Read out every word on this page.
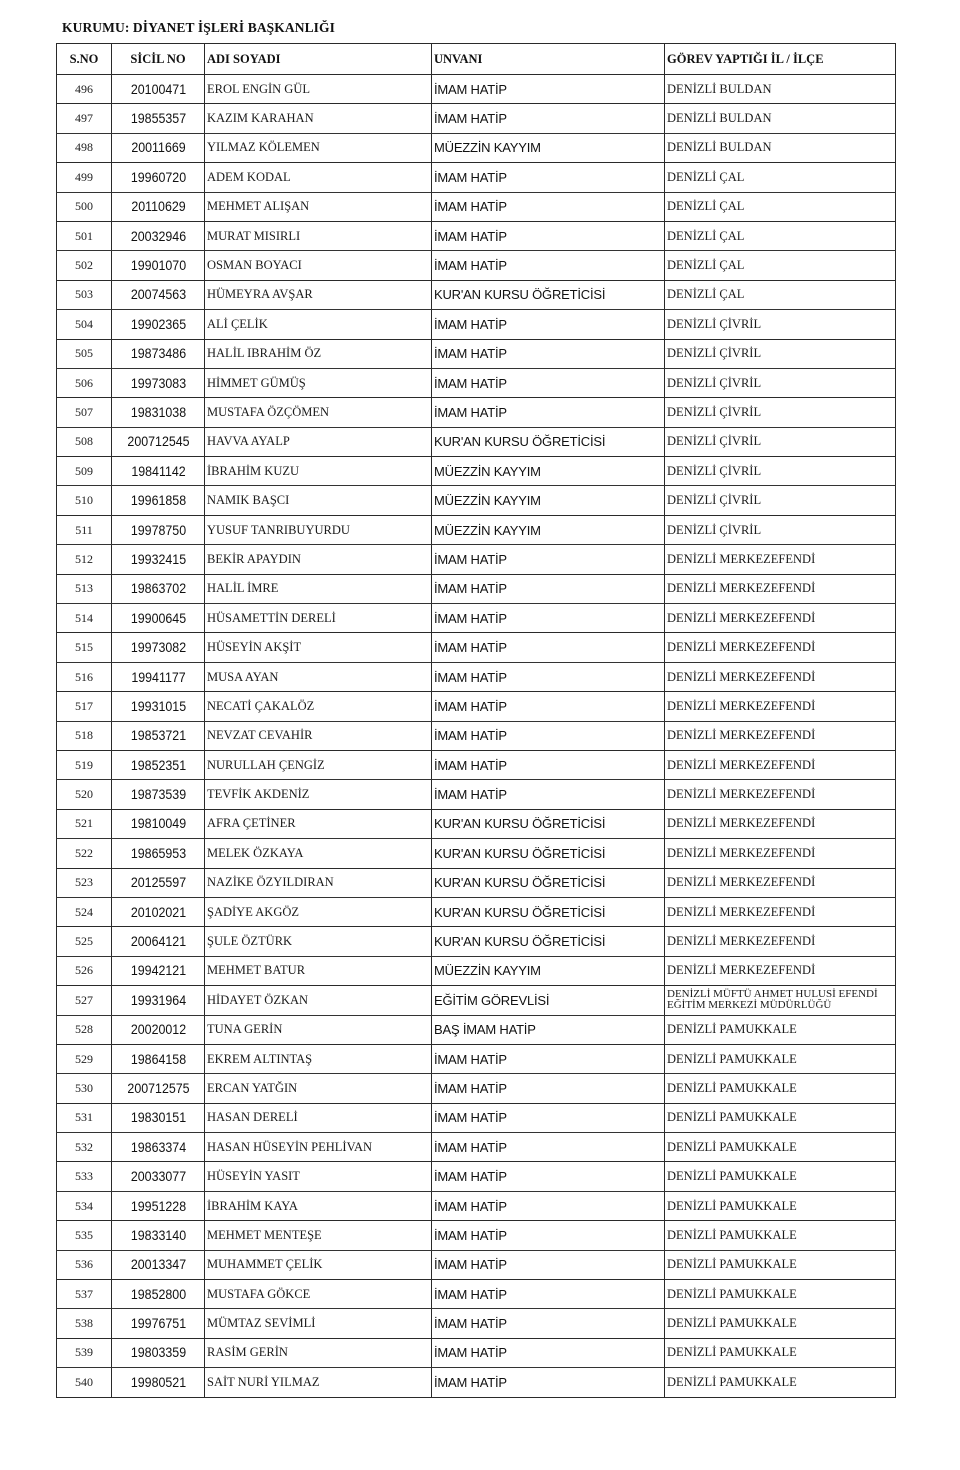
KURUMU: DİYANET İŞLERİ BAŞKANLIĞI
S.NO	SİCİL NO	ADI SOYADI	UNVANI	GÖREV YAPTIĞI İL / İLÇE
496	20100471	EROL ENGİN GÜL	İMAM HATİP	DENİZLİ BULDAN
497	19855357	KAZIM KARAHAN	İMAM HATİP	DENİZLİ BULDAN
498	20011669	YILMAZ KÖLEMEN	MÜEZZİN KAYYIM	DENİZLİ BULDAN
499	19960720	ADEM KODAL	İMAM HATİP	DENİZLİ ÇAL
500	20110629	MEHMET ALIŞAN	İMAM HATİP	DENİZLİ ÇAL
501	20032946	MURAT MISIRLI	İMAM HATİP	DENİZLİ ÇAL
502	19901070	OSMAN BOYACI	İMAM HATİP	DENİZLİ ÇAL
503	20074563	HÜMEYRA AVŞAR	KUR'AN KURSU ÖĞRETİCİSİ	DENİZLİ ÇAL
504	19902365	ALİ ÇELİK	İMAM HATİP	DENİZLİ ÇİVRİL
505	19873486	HALİL IBRAHİM ÖZ	İMAM HATİP	DENİZLİ ÇİVRİL
506	19973083	HİMMET GÜMÜŞ	İMAM HATİP	DENİZLİ ÇİVRİL
507	19831038	MUSTAFA ÖZÇÖMEN	İMAM HATİP	DENİZLİ ÇİVRİL
508	200712545	HAVVA AYALP	KUR'AN KURSU ÖĞRETİCİSİ	DENİZLİ ÇİVRİL
509	19841142	İBRAHİM KUZU	MÜEZZİN KAYYIM	DENİZLİ ÇİVRİL
510	19961858	NAMIK BAŞCI	MÜEZZİN KAYYIM	DENİZLİ ÇİVRİL
511	19978750	YUSUF TANRIBUYURDU	MÜEZZİN KAYYIM	DENİZLİ ÇİVRİL
512	19932415	BEKİR APAYDIN	İMAM HATİP	DENİZLİ MERKEZEFENDİ
513	19863702	HALİL İMRE	İMAM HATİP	DENİZLİ MERKEZEFENDİ
514	19900645	HÜSAMETTİN DERELİ	İMAM HATİP	DENİZLİ MERKEZEFENDİ
515	19973082	HÜSEYİN AKŞİT	İMAM HATİP	DENİZLİ MERKEZEFENDİ
516	19941177	MUSA AYAN	İMAM HATİP	DENİZLİ MERKEZEFENDİ
517	19931015	NECATİ ÇAKALÖZ	İMAM HATİP	DENİZLİ MERKEZEFENDİ
518	19853721	NEVZAT CEVAHİR	İMAM HATİP	DENİZLİ MERKEZEFENDİ
519	19852351	NURULLAH ÇENGİZ	İMAM HATİP	DENİZLİ MERKEZEFENDİ
520	19873539	TEVFİK AKDENİZ	İMAM HATİP	DENİZLİ MERKEZEFENDİ
521	19810049	AFRA ÇETİNER	KUR'AN KURSU ÖĞRETİCİSİ	DENİZLİ MERKEZEFENDİ
522	19865953	MELEK ÖZKAYA	KUR'AN KURSU ÖĞRETİCİSİ	DENİZLİ MERKEZEFENDİ
523	20125597	NAZİKE ÖZYILDIRAN	KUR'AN KURSU ÖĞRETİCİSİ	DENİZLİ MERKEZEFENDİ
524	20102021	ŞADİYE AKGÖZ	KUR'AN KURSU ÖĞRETİCİSİ	DENİZLİ MERKEZEFENDİ
525	20064121	ŞULE ÖZTÜRK	KUR'AN KURSU ÖĞRETİCİSİ	DENİZLİ MERKEZEFENDİ
526	19942121	MEHMET BATUR	MÜEZZİN KAYYIM	DENİZLİ MERKEZEFENDİ
527	19931964	HİDAYET ÖZKAN	EĞİTİM GÖREVLİSİ	DENİZLİ MÜFTÜ AHMET HULUSİ EFENDİ EĞİTİM MERKEZİ MÜDÜRLÜĞÜ
528	20020012	TUNA GERİN	BAŞ İMAM HATİP	DENİZLİ PAMUKKALE
529	19864158	EKREM ALTINTAŞ	İMAM HATİP	DENİZLİ PAMUKKALE
530	200712575	ERCAN YATĞIN	İMAM HATİP	DENİZLİ PAMUKKALE
531	19830151	HASAN DERELİ	İMAM HATİP	DENİZLİ PAMUKKALE
532	19863374	HASAN HÜSEYİN PEHLİVAN	İMAM HATİP	DENİZLİ PAMUKKALE
533	20033077	HÜSEYİN YASIT	İMAM HATİP	DENİZLİ PAMUKKALE
534	19951228	İBRAHİM KAYA	İMAM HATİP	DENİZLİ PAMUKKALE
535	19833140	MEHMET MENTEŞE	İMAM HATİP	DENİZLİ PAMUKKALE
536	20013347	MUHAMMET ÇELİK	İMAM HATİP	DENİZLİ PAMUKKALE
537	19852800	MUSTAFA GÖKCE	İMAM HATİP	DENİZLİ PAMUKKALE
538	19976751	MÜMTAZ SEVİMLİ	İMAM HATİP	DENİZLİ PAMUKKALE
539	19803359	RASİM GERİN	İMAM HATİP	DENİZLİ PAMUKKALE
540	19980521	SAİT NURİ YILMAZ	İMAM HATİP	DENİZLİ PAMUKKALE
